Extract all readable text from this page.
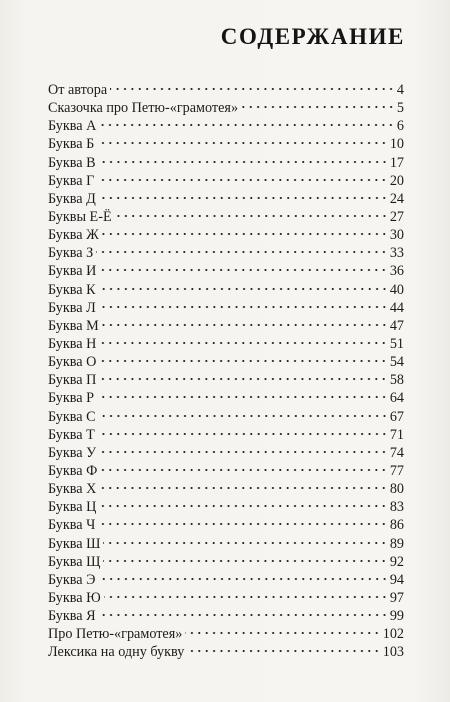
СОДЕРЖАНИЕ
От автора	4
Сказочка про Петю-«грамотея»	5
Буква А	6
Буква Б	10
Буква В	17
Буква Г	20
Буква Д	24
Буквы Е-Ё	27
Буква Ж	30
Буква З	33
Буква И	36
Буква К	40
Буква Л	44
Буква М	47
Буква Н	51
Буква О	54
Буква П	58
Буква Р	64
Буква С	67
Буква Т	71
Буква У	74
Буква Ф	77
Буква Х	80
Буква Ц	83
Буква Ч	86
Буква Ш	89
Буква Щ	92
Буква Э	94
Буква Ю	97
Буква Я	99
Про Петю-«грамотея»	102
Лексика на одну букву	103
